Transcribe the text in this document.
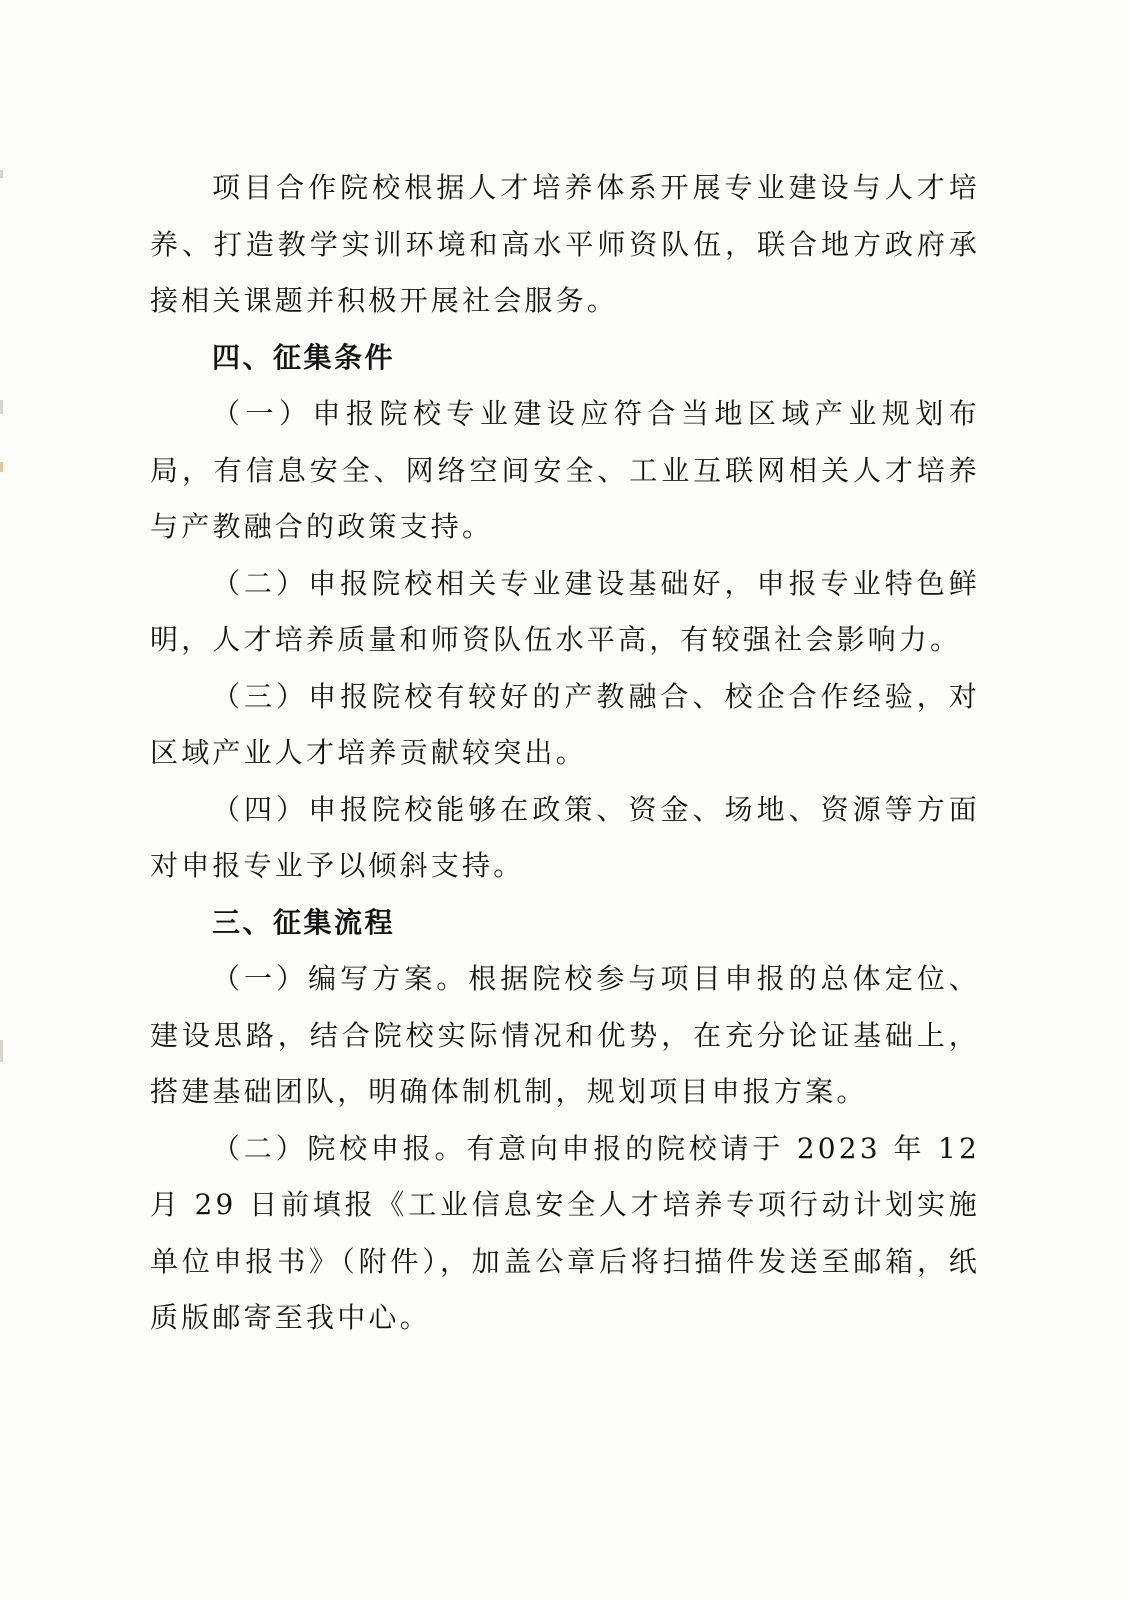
项目合作院校根据人才培养体系开展专业建设与人才培养、打造教学实训环境和高水平师资队伍，联合地方政府承接相关课题并积极开展社会服务。

四、征集条件

（一）申报院校专业建设应符合当地区域产业规划布局，有信息安全、网络空间安全、工业互联网相关人才培养与产教融合的政策支持。

（二）申报院校相关专业建设基础好，申报专业特色鲜明，人才培养质量和师资队伍水平高，有较强社会影响力。

（三）申报院校有较好的产教融合、校企合作经验，对区域产业人才培养贡献较突出。

（四）申报院校能够在政策、资金、场地、资源等方面对申报专业予以倾斜支持。

三、征集流程

（一）编写方案。根据院校参与项目申报的总体定位、建设思路，结合院校实际情况和优势，在充分论证基础上，搭建基础团队，明确体制机制，规划项目申报方案。

（二）院校申报。有意向申报的院校请于 2023 年 12 月 29 日前填报《工业信息安全人才培养专项行动计划实施单位申报书》（附件），加盖公章后将扫描件发送至邮箱，纸质版邮寄至我中心。
